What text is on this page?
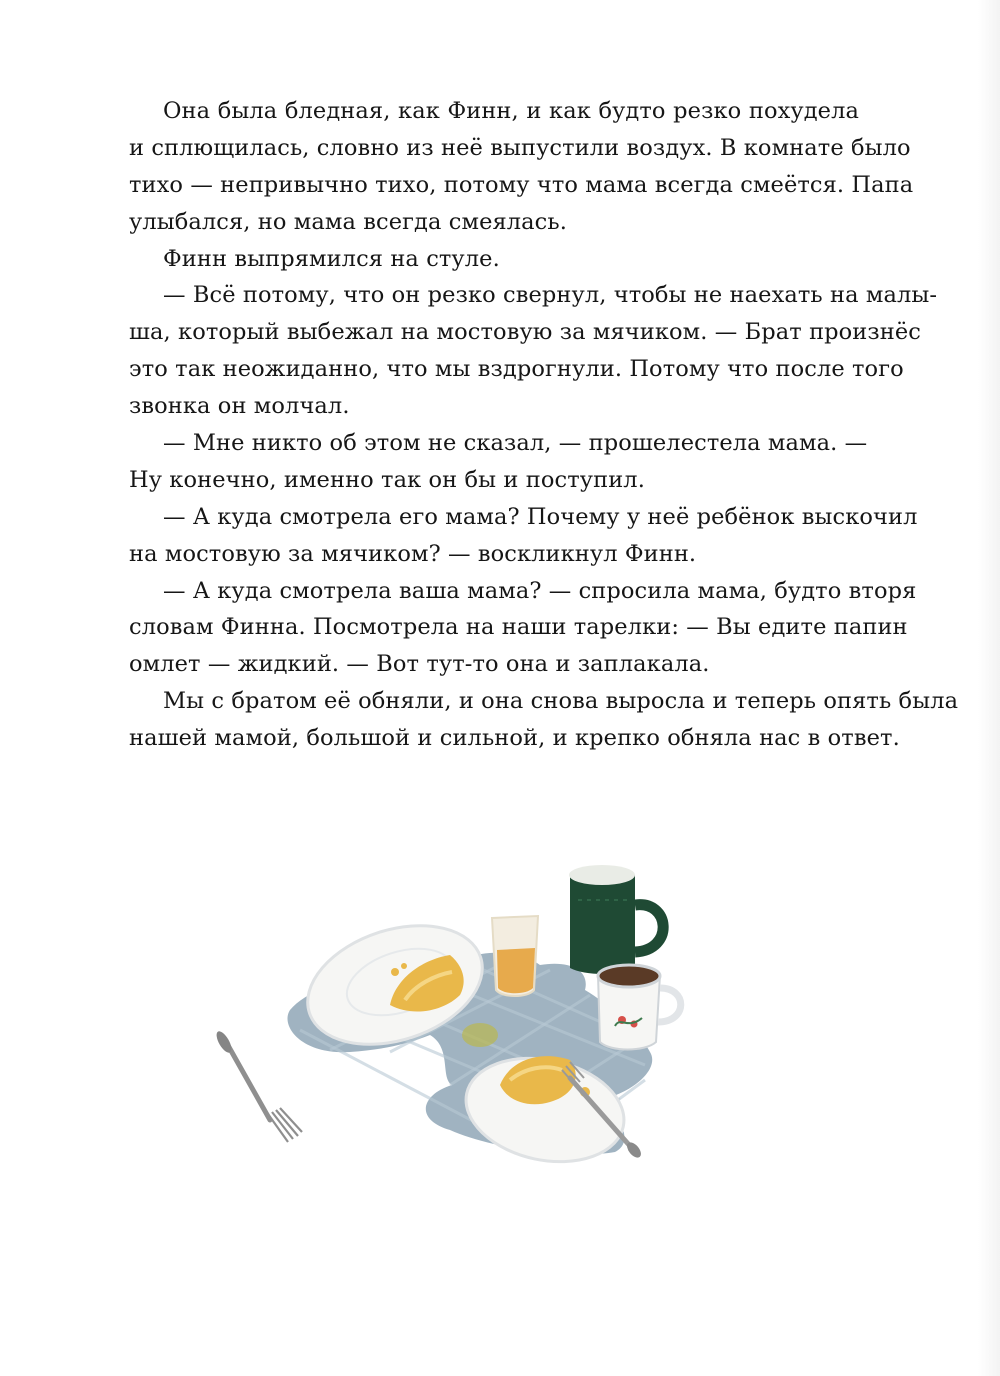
Она была бледная, как Финн, и как будто резко похудела
и сплющилась, словно из неё выпустили воздух. В комнате было
тихо — непривычно тихо, потому что мама всегда смеётся. Папа
улыбался, но мама всегда смеялась.
Финн выпрямился на стуле.
— Всё потому, что он резко свернул, чтобы не наехать на малы-
ша, который выбежал на мостовую за мячиком. — Брат произнёс
это так неожиданно, что мы вздрогнули. Потому что после того
звонка он молчал.
— Мне никто об этом не сказал, — прошелестела мама. —
Ну конечно, именно так он бы и поступил.
— А куда смотрела его мама? Почему у неё ребёнок выскочил
на мостовую за мячиком? — воскликнул Финн.
— А куда смотрела ваша мама? — спросила мама, будто вторя
словам Финна. Посмотрела на наши тарелки: — Вы едите папин
омлет — жидкий. — Вот тут-то она и заплакала.
Мы с братом её обняли, и она снова выросла и теперь опять была
нашей мамой, большой и сильной, и крепко обняла нас в ответ.
